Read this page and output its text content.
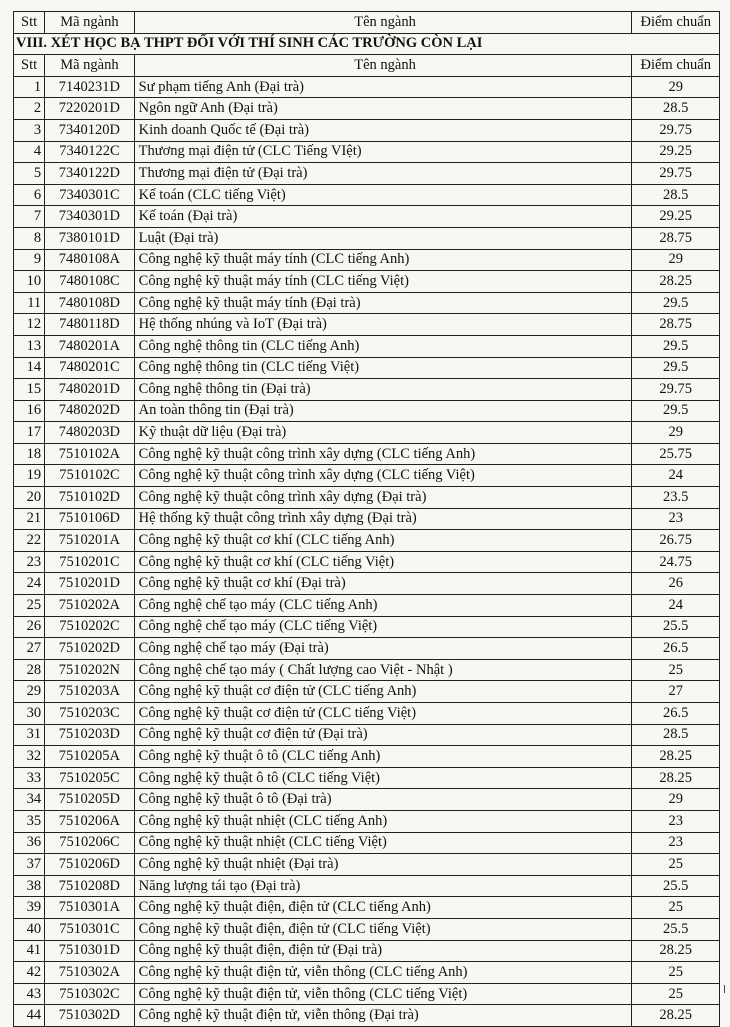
Stt	Mã ngành	Tên ngành	Điểm chuẩn
VIII. XÉT HỌC BẠ THPT ĐỐI VỚI THÍ SINH CÁC TRƯỜNG CÒN LẠI			
Stt	Mã ngành	Tên ngành	Điểm chuẩn
1	7140231D	Sư phạm tiếng Anh (Đại trà)	29
2	7220201D	Ngôn ngữ Anh (Đại trà)	28.5
3	7340120D	Kinh doanh Quốc tế (Đại trà)	29.75
4	7340122C	Thương mại điện tử (CLC Tiếng VIệt)	29.25
5	7340122D	Thương mại điện tử (Đại trà)	29.75
6	7340301C	Kế toán (CLC tiếng Việt)	28.5
7	7340301D	Kế toán (Đại trà)	29.25
8	7380101D	Luật (Đại trà)	28.75
9	7480108A	Công nghệ kỹ thuật máy tính (CLC tiếng Anh)	29
10	7480108C	Công nghệ kỹ thuật máy tính (CLC tiếng Việt)	28.25
11	7480108D	Công nghệ kỹ thuật máy tính (Đại trà)	29.5
12	7480118D	Hệ thống nhúng và IoT (Đại trà)	28.75
13	7480201A	Công nghệ thông tin (CLC tiếng Anh)	29.5
14	7480201C	Công nghệ thông tin (CLC tiếng Việt)	29.5
15	7480201D	Công nghệ thông tin (Đại trà)	29.75
16	7480202D	An toàn thông tin (Đại trà)	29.5
17	7480203D	Kỹ thuật dữ liệu (Đại trà)	29
18	7510102A	Công nghệ kỹ thuật công trình xây dựng (CLC tiếng Anh)	25.75
19	7510102C	Công nghệ kỹ thuật công trình xây dựng (CLC tiếng Việt)	24
20	7510102D	Công nghệ kỹ thuật công trình xây dựng (Đại trà)	23.5
21	7510106D	Hệ thống kỹ thuật công trình xây dựng (Đại trà)	23
22	7510201A	Công nghệ kỹ thuật cơ khí (CLC tiếng Anh)	26.75
23	7510201C	Công nghệ kỹ thuật cơ khí (CLC tiếng Việt)	24.75
24	7510201D	Công nghệ kỹ thuật cơ khí (Đại trà)	26
25	7510202A	Công nghệ chế tạo máy (CLC tiếng Anh)	24
26	7510202C	Công nghệ chế tạo máy (CLC tiếng Việt)	25.5
27	7510202D	Công nghệ chế tạo máy (Đại trà)	26.5
28	7510202N	Công nghệ chế tạo máy ( Chất lượng cao Việt - Nhật )	25
29	7510203A	Công nghệ kỹ thuật cơ điện tử (CLC tiếng Anh)	27
30	7510203C	Công nghệ kỹ thuật cơ điện tử (CLC tiếng Việt)	26.5
31	7510203D	Công nghệ kỹ thuật cơ điện tử (Đại trà)	28.5
32	7510205A	Công nghệ kỹ thuật ô tô (CLC tiếng Anh)	28.25
33	7510205C	Công nghệ kỹ thuật ô tô (CLC tiếng Việt)	28.25
34	7510205D	Công nghệ kỹ thuật ô tô (Đại trà)	29
35	7510206A	Công nghệ kỹ thuật nhiệt (CLC tiếng Anh)	23
36	7510206C	Công nghệ kỹ thuật nhiệt (CLC tiếng Việt)	23
37	7510206D	Công nghệ kỹ thuật nhiệt (Đại trà)	25
38	7510208D	Năng lượng tái tạo (Đại trà)	25.5
39	7510301A	Công nghệ kỹ thuật điện, điện tử (CLC tiếng Anh)	25
40	7510301C	Công nghệ kỹ thuật điện, điện tử (CLC tiếng Việt)	25.5
41	7510301D	Công nghệ kỹ thuật điện, điện tử (Đại trà)	28.25
42	7510302A	Công nghệ kỹ thuật điện tử, viễn thông (CLC tiếng Anh)	25
43	7510302C	Công nghệ kỹ thuật điện tử, viễn thông (CLC tiếng Việt)	25
44	7510302D	Công nghệ kỹ thuật điện tử, viễn thông (Đại trà)	28.25
